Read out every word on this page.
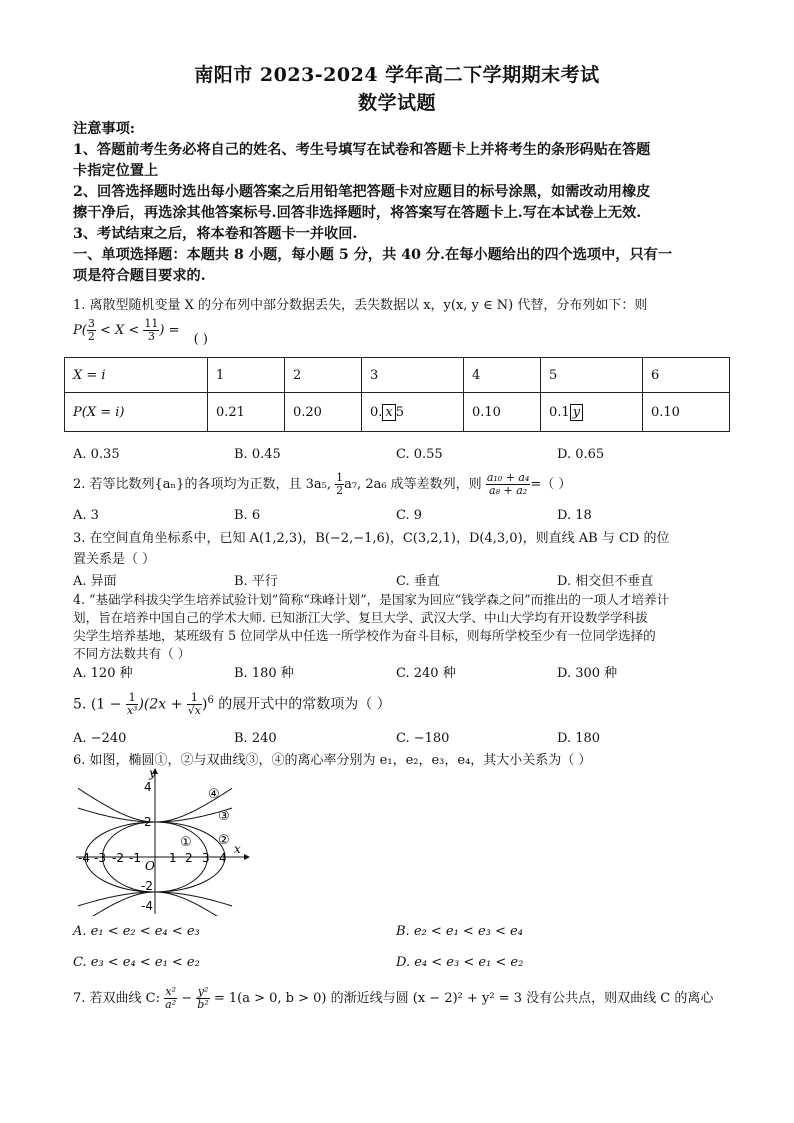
南阳市 2023-2024 学年高二下学期期末考试
数学试题
注意事项:
1、答题前考生务必将自己的姓名、考生号填写在试卷和答题卡上并将考生的条形码贴在答题
卡指定位置上
2、回答选择题时选出每小题答案之后用铅笔把答题卡对应题目的标号涂黑，如需改动用橡皮
擦干净后，再选涂其他答案标号.回答非选择题时，将答案写在答题卡上.写在本试卷上无效.
3、考试结束之后，将本卷和答题卡一并收回.
一、单项选择题：本题共 8 小题，每小题 5 分，共 40 分.在每小题给出的四个选项中，只有一
项是符合题目要求的.
1. 离散型随机变量 X 的分布列中部分数据丢失，丢失数据以 x，y(x, y ∈ N) 代替，分布列如下：则
$P( \frac{3}{2} < X < \frac{11}{3}$ ) = ( )
X = i	1	2	3	4	5	6
P(X = i)	0.21	0.20	0. x 5	0.10	0.1 y	0.10
A. 0.35	B. 0.45	C. 0.55	D. 0.65
2. 若等比数列{aₙ}的各项均为正数，且 3a₅, $\frac{1}{2} a_7$, 2a₆ 成等差数列，则 $\frac{\text{a₁₀ + a₄}}{\text{a₈ + a₂}}$ =（ ）
A. 3	B. 6	C. 9	D. 18
3. 在空间直角坐标系中，已知 A(1,2,3)，B(−2,−1,6)，C(3,2,1)，D(4,3,0)，则直线 AB 与 CD 的位
置关系是（ ）
A. 异面	B. 平行	C. 垂直	D. 相交但不垂直
4. “基础学科拔尖学生培养试验计划”简称“珠峰计划”，是国家为回应“钱学森之问”而推出的一项人才培养计
划，旨在培养中国自己的学术大师. 已知浙江大学、复旦大学、武汉大学、中山大学均有开设数学学科拔
尖学生培养基地，某班级有 5 位同学从中任选一所学校作为奋斗目标，则每所学校至少有一位同学选择的
不同方法数共有（ ）
A. 120 种	B. 180 种	C. 240 种	D. 300 种
5. $(1 - \frac{1}{\text{x³}} )(2x + \frac{1}{√x} )^6$ 的展开式中的常数项为（ ）
A. −240	B. 240	C. −180	D. 180
6. 如图，椭圆①，②与双曲线③，④的离心率分别为 e₁，e₂，e₃，e₄，其大小关系为（ ）
y
x
O
-4 -3 -2 -1 1 2 3 4
4
2
-2
-4
① ②
③
④
A. e₁ < e₂ < e₄ < e₃	B. e₂ < e₁ < e₃ < e₄
C. e₃ < e₄ < e₁ < e₂	D. e₄ < e₃ < e₁ < e₂
7. 若双曲线 C: $\frac{\text{x²}}{\text{a²}} - \frac{\text{y²}}{\text{b²}} = 1(a > 0$, b > 0) 的渐近线与圆 (x − 2)² + y² = 3 没有公共点，则双曲线 C 的离心
